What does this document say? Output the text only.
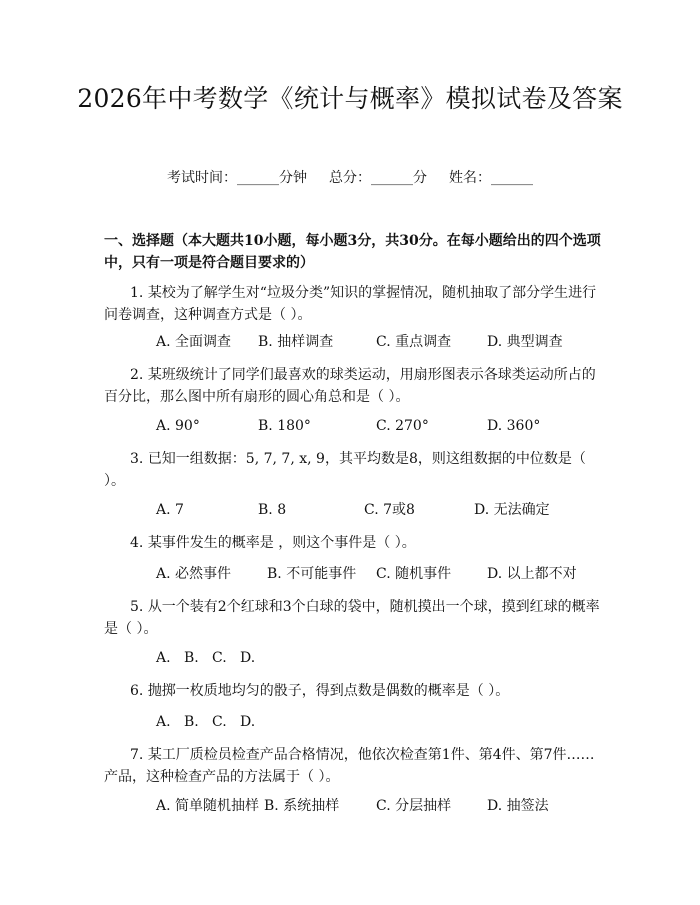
2026年中考数学《统计与概率》模拟试卷及答案
考试时间：______分钟 总分：______分 姓名：______
一、选择题（本大题共10小题，每小题3分，共30分。在每小题给出的四个选项中，只有一项是符合题目要求的）
1. 某校为了解学生对“垃圾分类”知识的掌握情况，随机抽取了部分学生进行问卷调查，这种调查方式是（ ）。
A. 全面调查 B. 抽样调查	C. 重点调查	D. 典型调查
2. 某班级统计了同学们最喜欢的球类运动，用扇形图表示各球类运动所占的百分比，那么图中所有扇形的圆心角总和是（ ）。
A. 90°	B. 180°	C. 270°	D. 360°
3. 已知一组数据：5, 7, 7, x, 9，其平均数是8，则这组数据的中位数是（ ）。
A. 7	B. 8	C. 7或8	D. 无法确定
4. 某事件发生的概率是 ，则这个事件是（ ）。
A. 必然事件	B. 不可能事件 C. 随机事件	D. 以上都不对
5. 从一个装有2个红球和3个白球的袋中，随机摸出一个球，摸到红球的概率是（ ）。
A. B. C. D.
6. 抛掷一枚质地均匀的骰子，得到点数是偶数的概率是（ ）。
A. B. C. D.
7. 某工厂质检员检查产品合格情况，他依次检查第1件、第4件、第7件……产品，这种检查产品的方法属于（ ）。
A. 简单随机抽样 B. 系统抽样	C. 分层抽样	D. 抽签法
